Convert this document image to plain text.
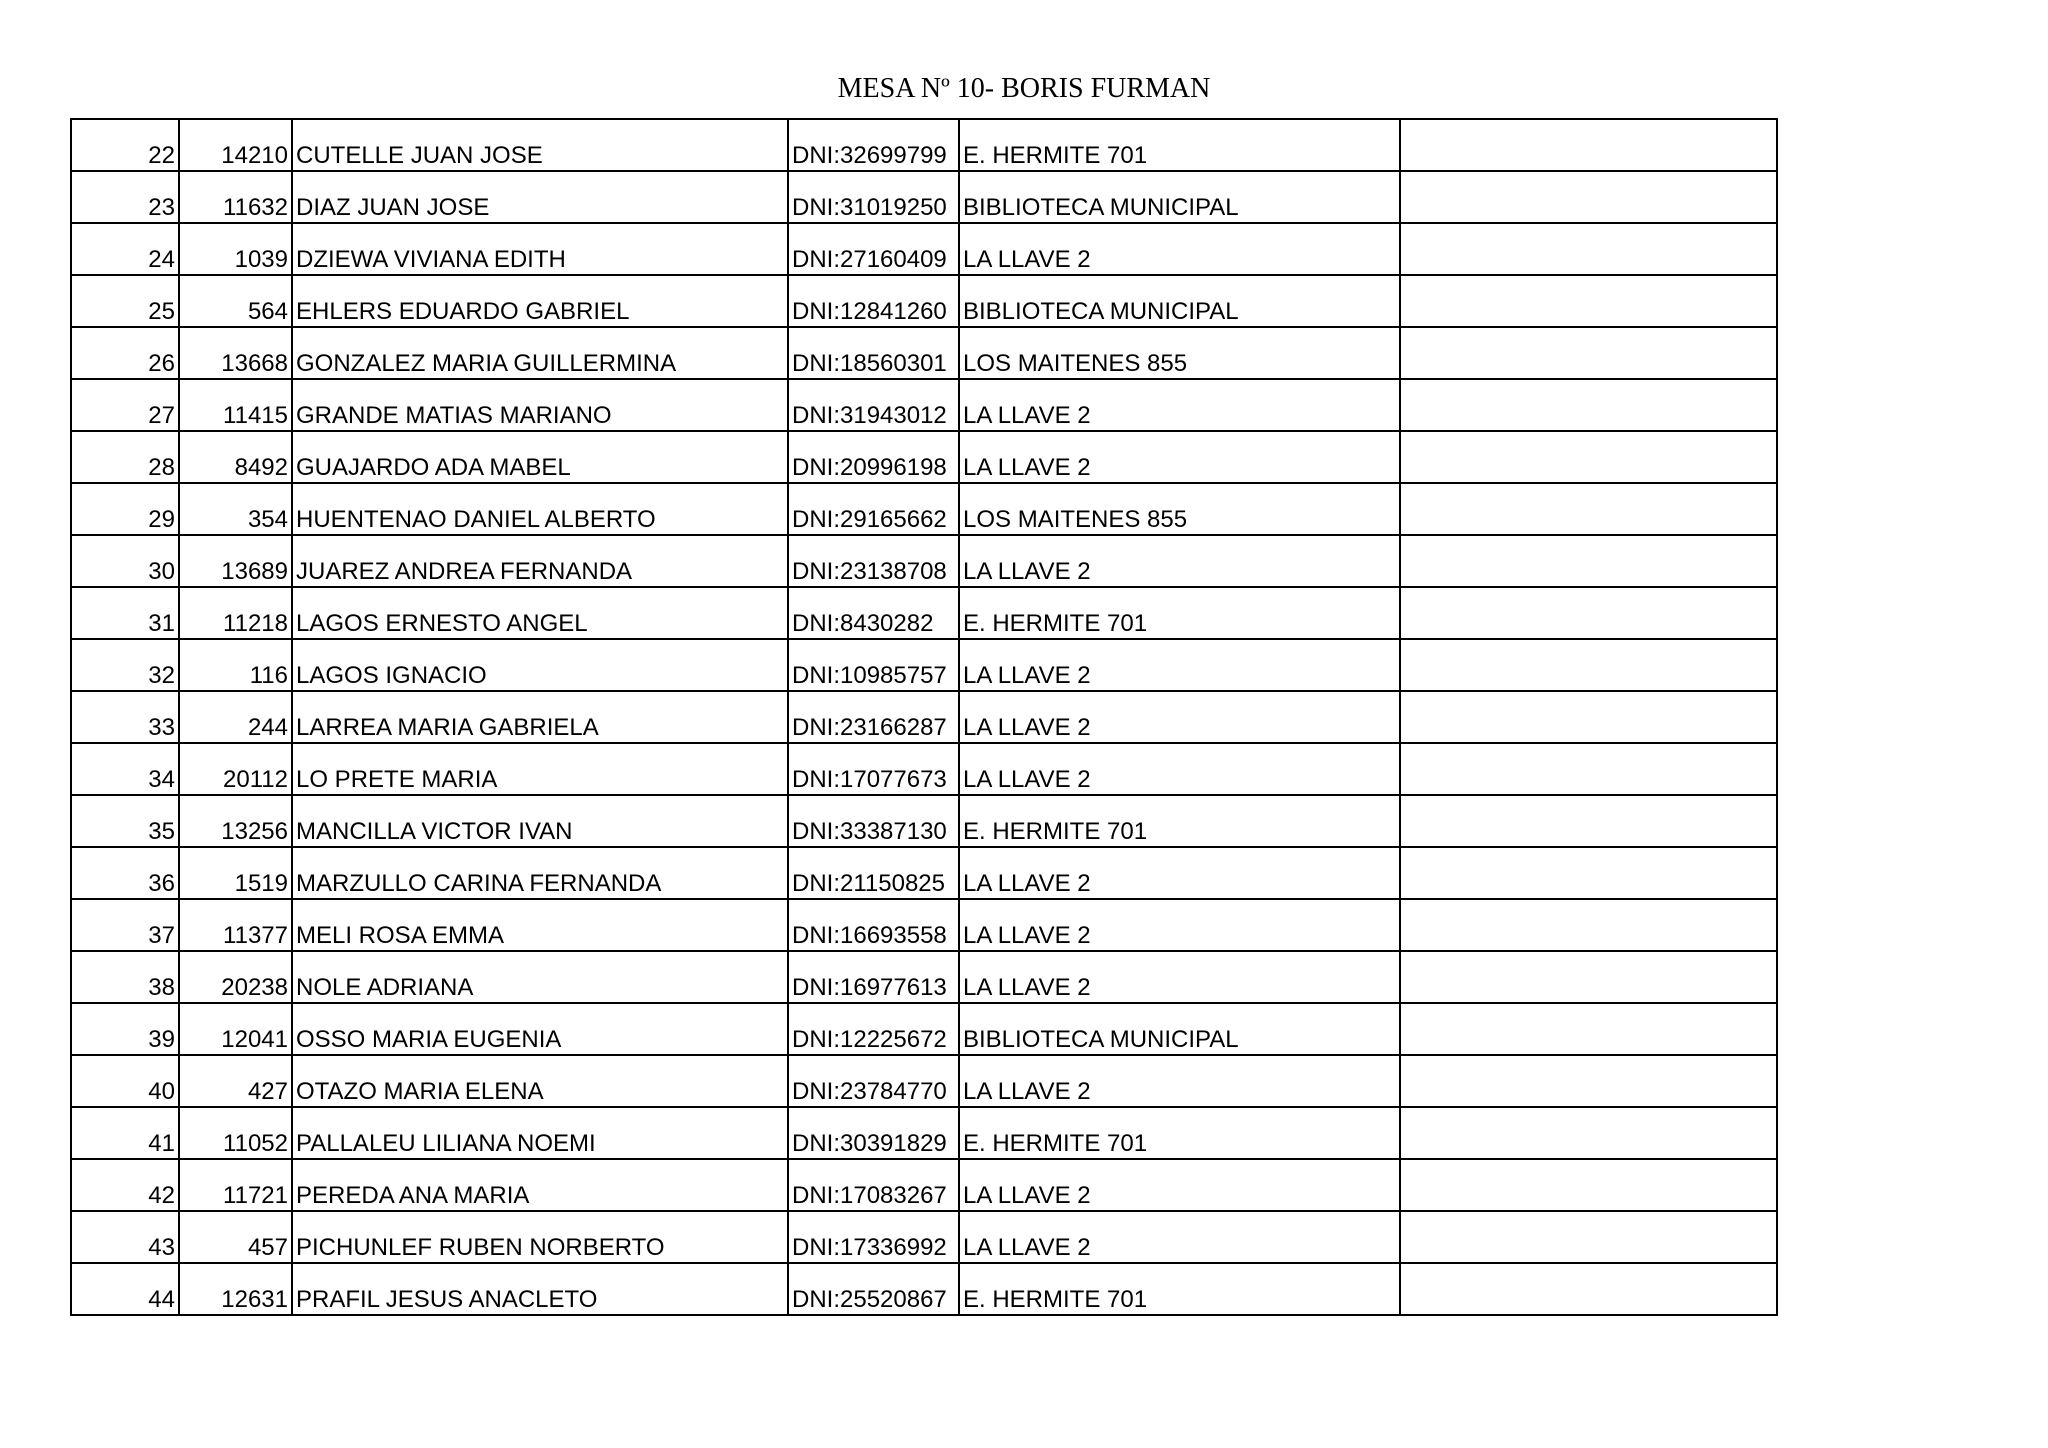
MESA Nº 10- BORIS FURMAN
22	14210	CUTELLE JUAN JOSE	DNI:32699799	E. HERMITE 701	
23	11632	DIAZ JUAN JOSE	DNI:31019250	BIBLIOTECA MUNICIPAL	
24	1039	DZIEWA VIVIANA EDITH	DNI:27160409	LA LLAVE 2	
25	564	EHLERS EDUARDO GABRIEL	DNI:12841260	BIBLIOTECA MUNICIPAL	
26	13668	GONZALEZ MARIA GUILLERMINA	DNI:18560301	LOS MAITENES 855	
27	11415	GRANDE MATIAS MARIANO	DNI:31943012	LA LLAVE 2	
28	8492	GUAJARDO ADA MABEL	DNI:20996198	LA LLAVE 2	
29	354	HUENTENAO DANIEL ALBERTO	DNI:29165662	LOS MAITENES 855	
30	13689	JUAREZ ANDREA FERNANDA	DNI:23138708	LA LLAVE 2	
31	11218	LAGOS ERNESTO ANGEL	DNI:8430282	E. HERMITE 701	
32	116	LAGOS IGNACIO	DNI:10985757	LA LLAVE 2	
33	244	LARREA MARIA GABRIELA	DNI:23166287	LA LLAVE 2	
34	20112	LO PRETE MARIA	DNI:17077673	LA LLAVE 2	
35	13256	MANCILLA VICTOR IVAN	DNI:33387130	E. HERMITE 701	
36	1519	MARZULLO CARINA FERNANDA	DNI:21150825	LA LLAVE 2	
37	11377	MELI ROSA EMMA	DNI:16693558	LA LLAVE 2	
38	20238	NOLE ADRIANA	DNI:16977613	LA LLAVE 2	
39	12041	OSSO MARIA EUGENIA	DNI:12225672	BIBLIOTECA MUNICIPAL	
40	427	OTAZO MARIA ELENA	DNI:23784770	LA LLAVE 2	
41	11052	PALLALEU LILIANA NOEMI	DNI:30391829	E. HERMITE 701	
42	11721	PEREDA ANA MARIA	DNI:17083267	LA LLAVE 2	
43	457	PICHUNLEF RUBEN NORBERTO	DNI:17336992	LA LLAVE 2	
44	12631	PRAFIL JESUS ANACLETO	DNI:25520867	E. HERMITE 701	
